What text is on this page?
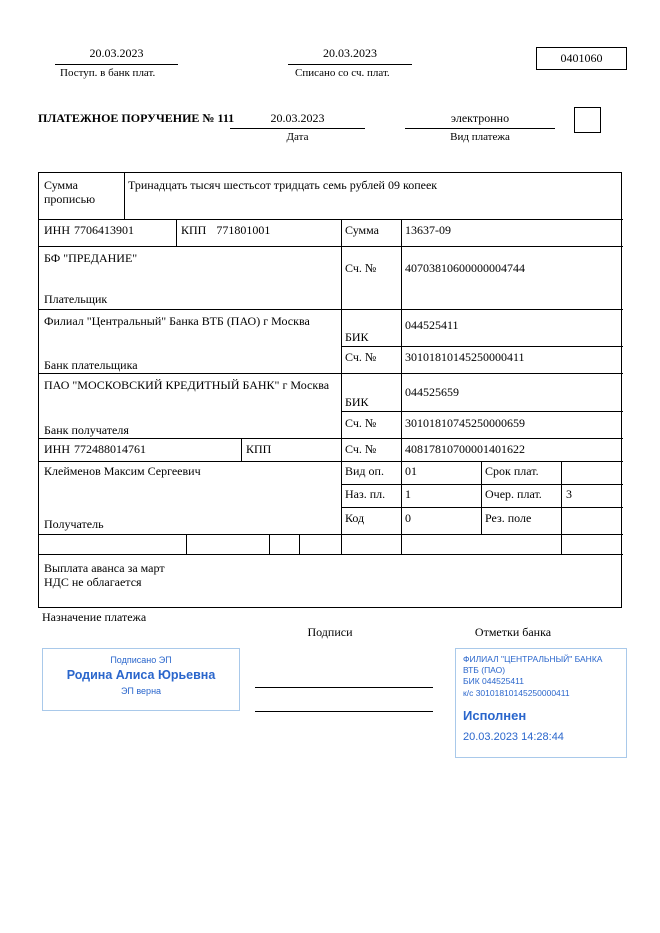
20.03.2023
Поступ. в банк плат.
20.03.2023
Списано со сч. плат.
0401060
ПЛАТЕЖНОЕ ПОРУЧЕНИЕ № 111	20.03.2023
Дата
электронно
Вид платежа
Сумма
прописью
Тринадцать тысяч шестьсот тридцать семь рублей 09 копеек
ИНН 7706413901	КПП 771801001	Сумма 13637-09
БФ "ПРЕДАНИЕ"
Плательщик
Сч. № 40703810600000004744
Филиал "Центральный" Банка ВТБ (ПАО) г Москва
БИК
044525411
Сч. № 30101810145250000411
Банк плательщика
ПАО "МОСКОВСКИЙ КРЕДИТНЫЙ БАНК" г Москва
БИК
044525659
Сч. № 30101810745250000659
Банк получателя
ИНН 772488014761	КПП	Сч. № 40817810700001401622
Клейменов Максим Сергеевич	Вид оп. 01	Срок плат.
Наз. пл. 1	Очер. плат. 3
Код	0	Рез. поле
Получатель
Выплата аванса за март
НДС не облагается
Назначение платежа
Подписи	Отметки банка
Подписано ЭП
Родина Алиса Юрьевна
ЭП верна
ФИЛИАЛ "ЦЕНТРАЛЬНЫЙ" БАНКА
ВТБ (ПАО)
БИК 044525411
к/с 30101810145250000411
Исполнен
20.03.2023 14:28:44
